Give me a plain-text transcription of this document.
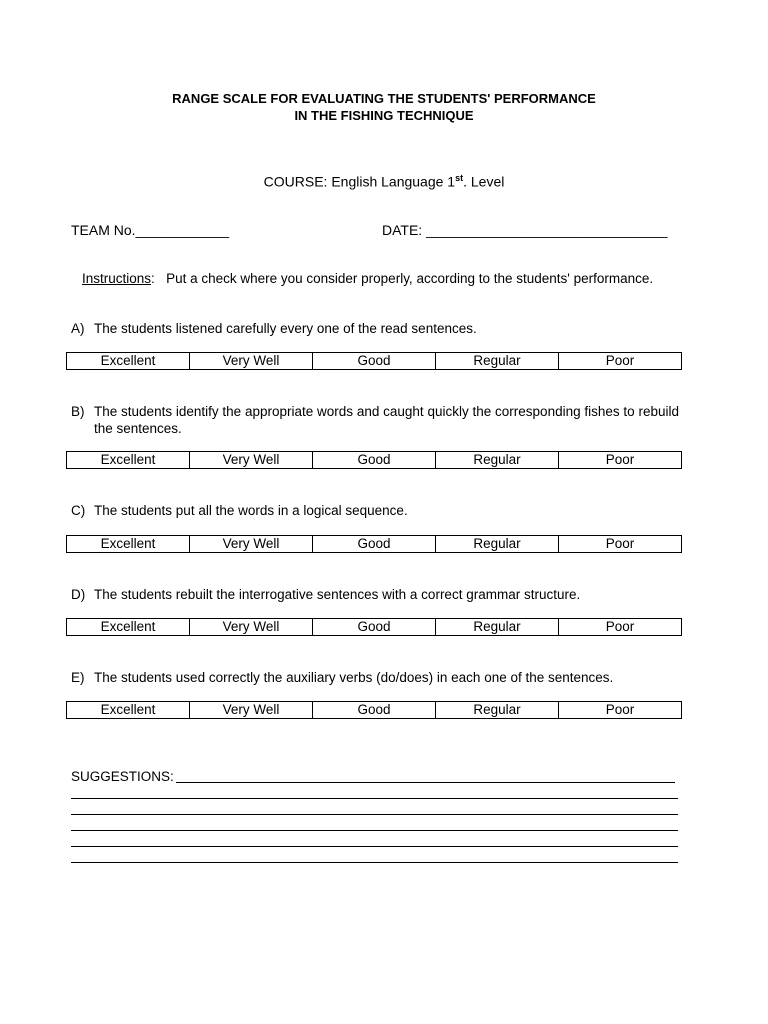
RANGE SCALE FOR EVALUATING THE STUDENTS' PERFORMANCE
IN THE FISHING TECHNIQUE
COURSE: English Language 1st. Level
TEAM No.____________	DATE: _______________________________
Instructions: Put a check where you consider properly, according to the students' performance.
A) The students listened carefully every one of the read sentences.
Excellent	Very Well	Good	Regular	Poor
B) The students identify the appropriate words and caught quickly the corresponding fishes to rebuild the sentences.
Excellent	Very Well	Good	Regular	Poor
C) The students put all the words in a logical sequence.
Excellent	Very Well	Good	Regular	Poor
D) The students rebuilt the interrogative sentences with a correct grammar structure.
Excellent	Very Well	Good	Regular	Poor
E) The students used correctly the auxiliary verbs (do/does) in each one of the sentences.
Excellent	Very Well	Good	Regular	Poor
SUGGESTIONS:
